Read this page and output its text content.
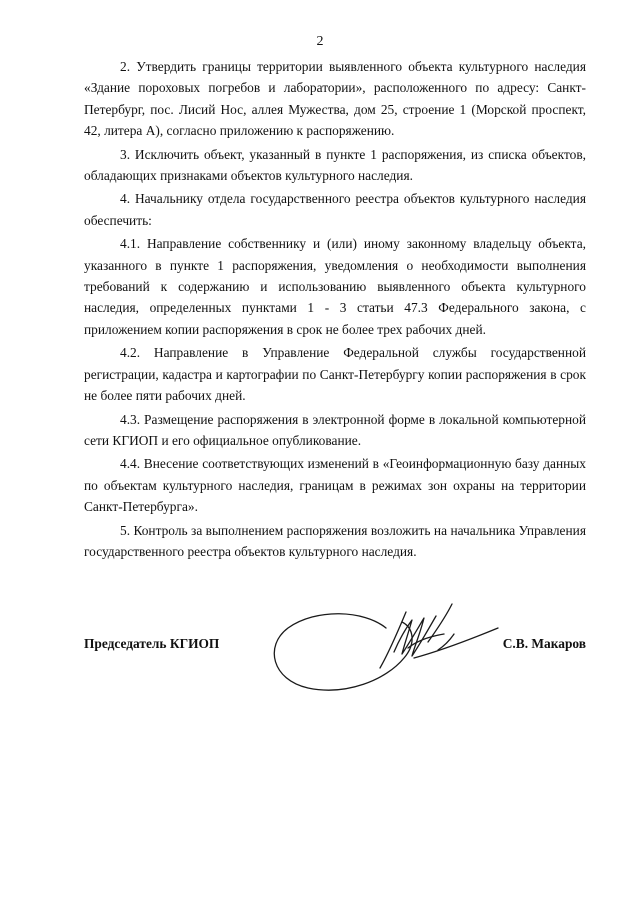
2

2. Утвердить границы территории выявленного объекта культурного наследия «Здание пороховых погребов и лаборатории», расположенного по адресу: Санкт-Петербург, пос. Лисий Нос, аллея Мужества, дом 25, строение 1 (Морской проспект, 42, литера А), согласно приложению к распоряжению.

3. Исключить объект, указанный в пункте 1 распоряжения, из списка объектов, обладающих признаками объектов культурного наследия.

4. Начальнику отдела государственного реестра объектов культурного наследия обеспечить:

4.1. Направление собственнику и (или) иному законному владельцу объекта, указанного в пункте 1 распоряжения, уведомления о необходимости выполнения требований к содержанию и использованию выявленного объекта культурного наследия, определенных пунктами 1 - 3 статьи 47.3 Федерального закона, с приложением копии распоряжения в срок не более трех рабочих дней.

4.2. Направление в Управление Федеральной службы государственной регистрации, кадастра и картографии по Санкт-Петербургу копии распоряжения в срок не более пяти рабочих дней.

4.3. Размещение распоряжения в электронной форме в локальной компьютерной сети КГИОП и его официальное опубликование.

4.4. Внесение соответствующих изменений в «Геоинформационную базу данных по объектам культурного наследия, границам в режимах зон охраны на территории Санкт-Петербурга».

5. Контроль за выполнением распоряжения возложить на начальника Управления государственного реестра объектов культурного наследия.

Председатель КГИОП	С.В. Макаров
